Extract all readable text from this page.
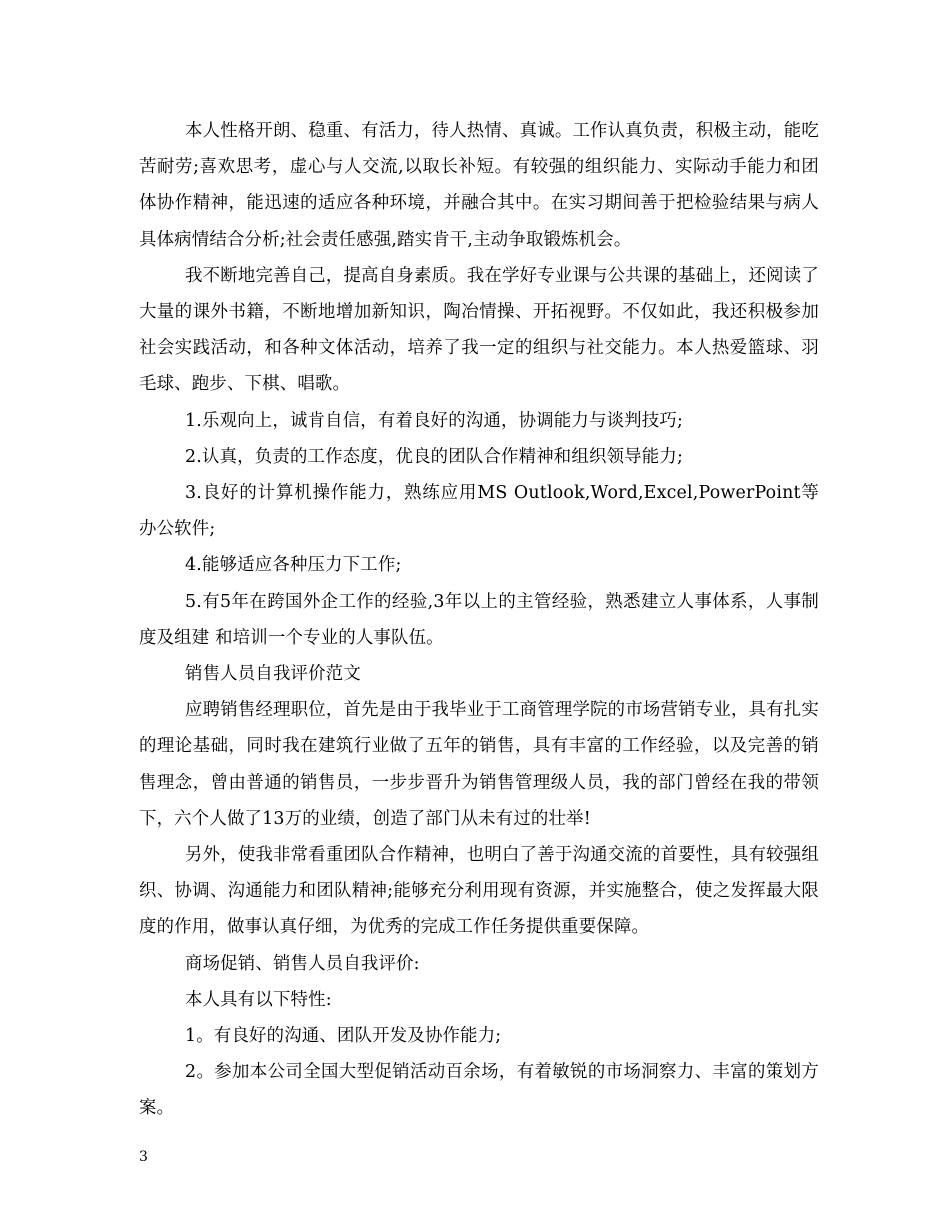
本人性格开朗、稳重、有活力，待人热情、真诚。工作认真负责，积极主动，能吃苦耐劳;喜欢思考，虚心与人交流,以取长补短。有较强的组织能力、实际动手能力和团体协作精神，能迅速的适应各种环境，并融合其中。在实习期间善于把检验结果与病人具体病情结合分析;社会责任感强,踏实肯干,主动争取锻炼机会。

我不断地完善自己，提高自身素质。我在学好专业课与公共课的基础上，还阅读了大量的课外书籍，不断地增加新知识，陶冶情操、开拓视野。不仅如此，我还积极参加社会实践活动，和各种文体活动，培养了我一定的组织与社交能力。本人热爱篮球、羽毛球、跑步、下棋、唱歌。

1.乐观向上，诚肯自信，有着良好的沟通，协调能力与谈判技巧;

2.认真，负责的工作态度，优良的团队合作精神和组织领导能力;

3.良好的计算机操作能力，熟练应用MS Outlook,Word,Excel,PowerPoint等办公软件;

4.能够适应各种压力下工作;

5.有5年在跨国外企工作的经验,3年以上的主管经验，熟悉建立人事体系，人事制度及组建 和培训一个专业的人事队伍。

销售人员自我评价范文

应聘销售经理职位，首先是由于我毕业于工商管理学院的市场营销专业，具有扎实的理论基础，同时我在建筑行业做了五年的销售，具有丰富的工作经验，以及完善的销售理念，曾由普通的销售员，一步步晋升为销售管理级人员，我的部门曾经在我的带领下，六个人做了13万的业绩，创造了部门从未有过的壮举!

另外，使我非常看重团队合作精神，也明白了善于沟通交流的首要性，具有较强组织、协调、沟通能力和团队精神;能够充分利用现有资源，并实施整合，使之发挥最大限度的作用，做事认真仔细，为优秀的完成工作任务提供重要保障。

商场促销、销售人员自我评价:

本人具有以下特性:

1。有良好的沟通、团队开发及协作能力;

2。参加本公司全国大型促销活动百余场，有着敏锐的市场洞察力、丰富的策划方案。

3
